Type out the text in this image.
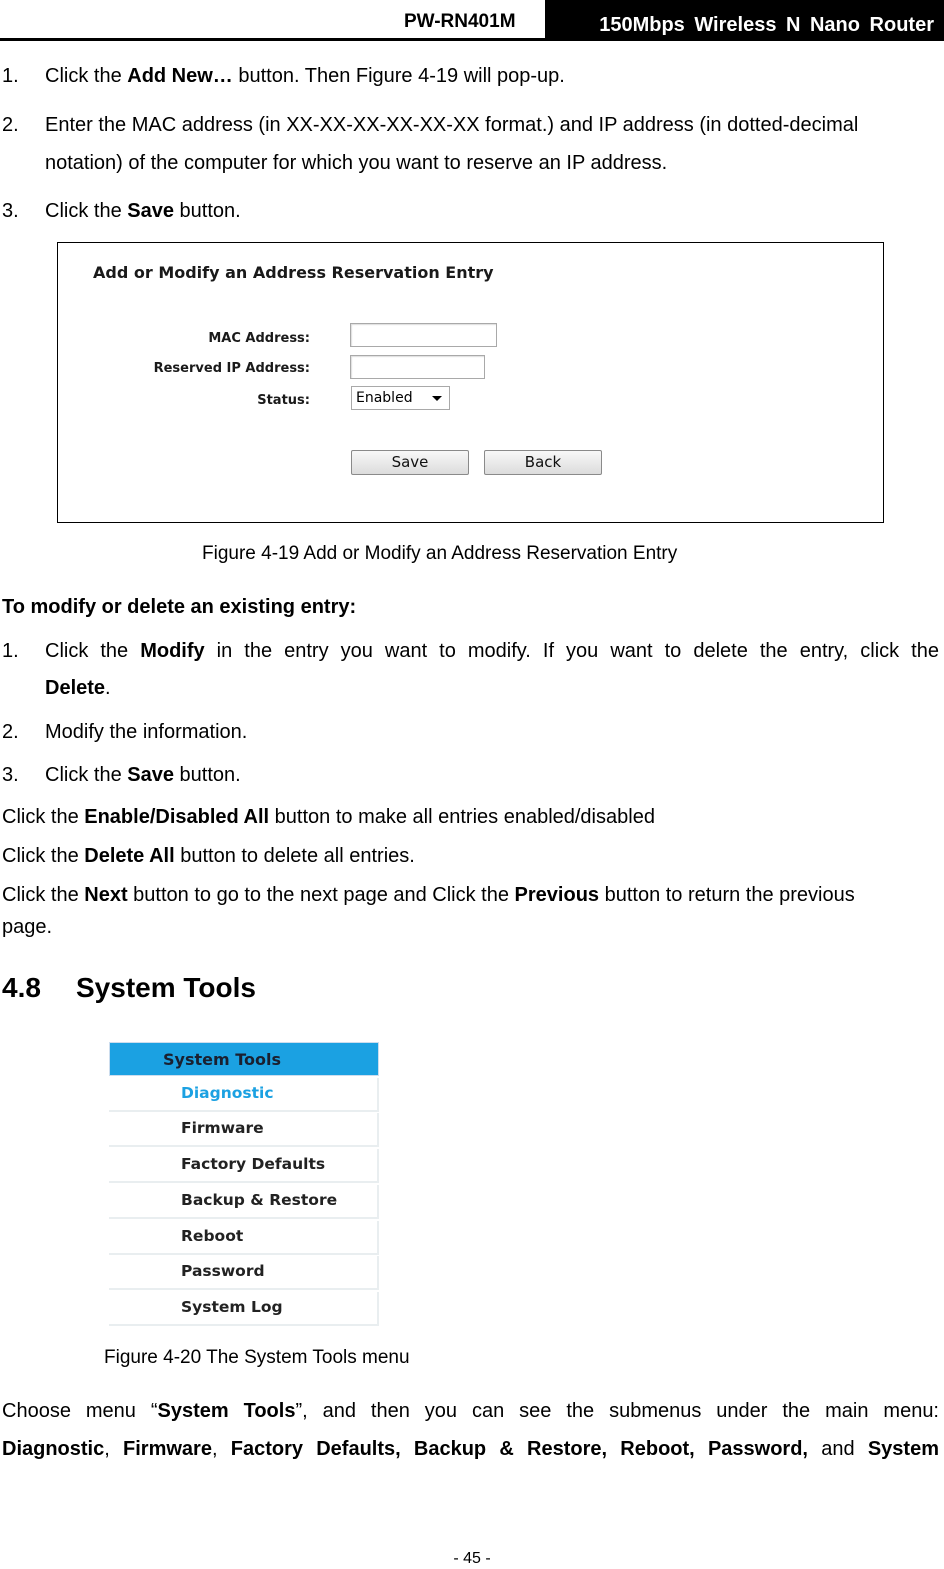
PW-RN401M	150Mbps Wireless N Nano Router
1. Click the Add New… button. Then Figure 4-19 will pop-up.
2. Enter the MAC address (in XX-XX-XX-XX-XX-XX format.) and IP address (in dotted-decimal
notation) of the computer for which you want to reserve an IP address.
3. Click the Save button.
Add or Modify an Address Reservation Entry
MAC Address:
Reserved IP Address:
Status:	Enabled
Save	Back
Figure 4-19 Add or Modify an Address Reservation Entry
To modify or delete an existing entry:
1. Click the Modify in the entry you want to modify. If you want to delete the entry, click the
Delete.
2. Modify the information.
3. Click the Save button.
Click the Enable/Disabled All button to make all entries enabled/disabled
Click the Delete All button to delete all entries.
Click the Next button to go to the next page and Click the Previous button to return the previous
page.
4.8 System Tools
System Tools
Diagnostic
Firmware
Factory Defaults
Backup & Restore
Reboot
Password
System Log
Figure 4-20 The System Tools menu
Choose menu “System Tools”, and then you can see the submenus under the main menu:
Diagnostic, Firmware, Factory Defaults, Backup & Restore, Reboot, Password, and System
- 45 -
